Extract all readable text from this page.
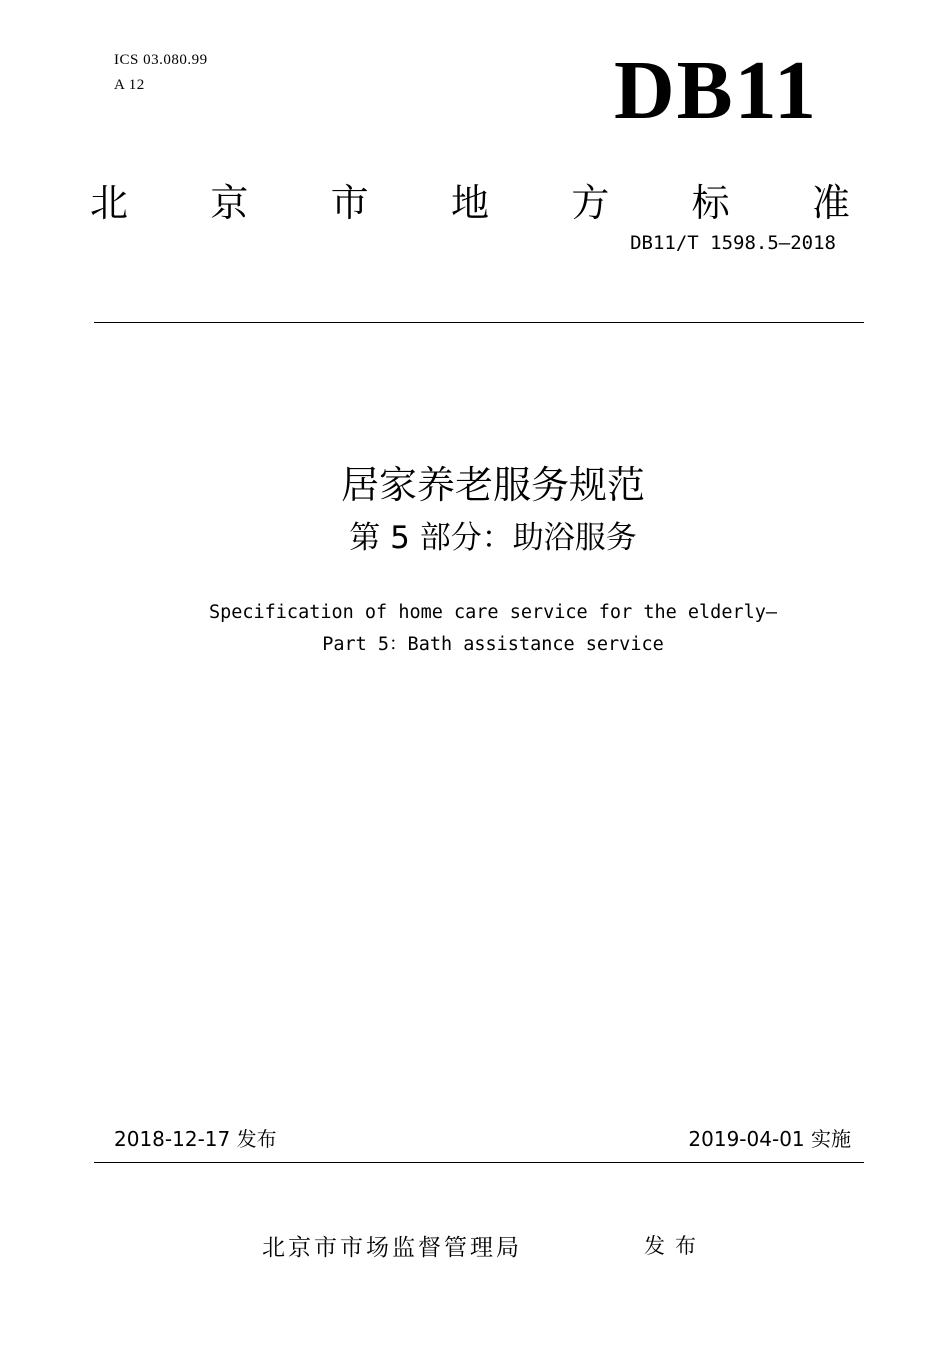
ICS 03.080.99
A 12	DB11
北 京 市 地 方 标 准
DB11/T 1598.5—2018
居家养老服务规范
第 5 部分：助浴服务
Specification of home care service for the elderly—
Part 5：Bath assistance service
2018-12-17 发布	2019-04-01 实施
北京市市场监督管理局	发布
